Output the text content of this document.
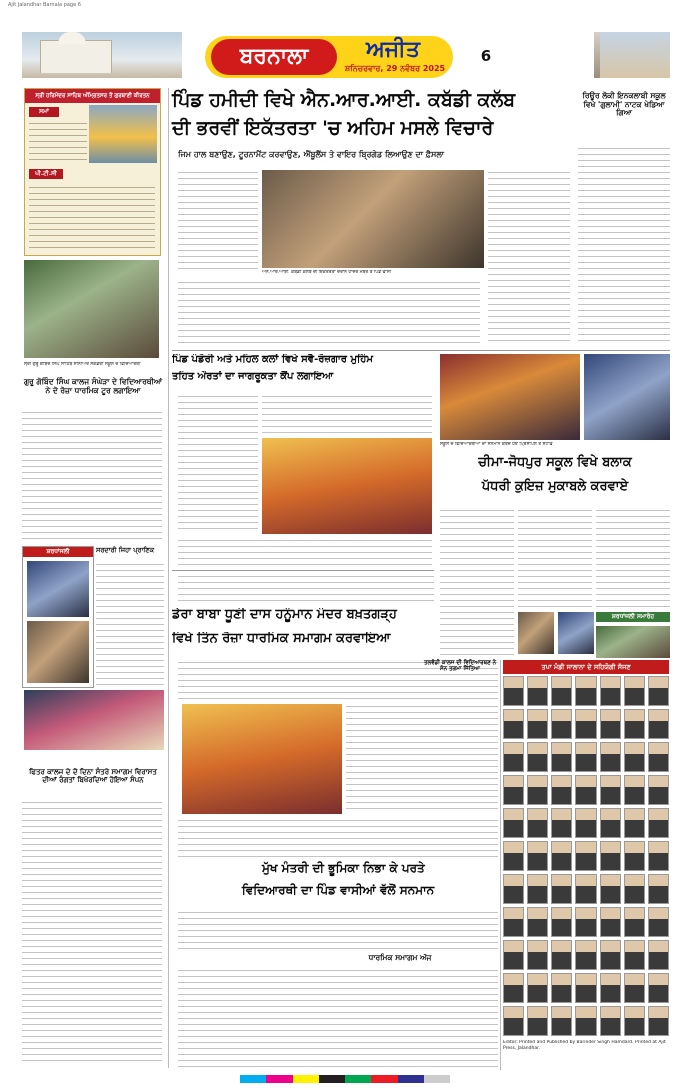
Ajit Jalandhar Barnala page 6
ਬਰਨਾਲਾ	ਅਜੀਤ
ਸ਼ਨਿਚਰਵਾਰ, 29 ਨਵੰਬਰ 2025
6
ਸ੍ਰੀ ਹਰਿਮੰਦਰ ਸਾਹਿਬ ਅੰਮ੍ਰਿਤਸਰ ਤੋਂ ਗੁਰਬਾਣੀ ਕੀਰਤਨ
ਸਮਾਂ
ਪੀ.ਟੀ.ਸੀ
ਸ੍ਰੀ ਗੁਰੂ ਗੋਬਿੰਦ ਸਿੰਘ ਸਾਹਿਬ ਸੀਨੀਅਰ ਸੈਕੰਡਰੀ ਸਕੂਲ ਦੇ ਵਿਦਿਆਰਥੀ
ਗੁਰੂ ਗੋਬਿੰਦ ਸਿੰਘ ਕਾਲਜ ਸੰਘੇੜਾ ਦੇ ਵਿਦਿਆਰਥੀਆਂ ਨੇ ਦੋ ਰੋਜ਼ਾ ਧਾਰਮਿਕ ਟੂਰ ਲਗਾਇਆ
ਸ਼ਰਧਾਂਜਲੀ	ਸਰਦਾਰੀ ਜਿਹਾ ਪ੍ਰਾਣਿਕ
ਫਿਤਰ ਕਾਲਜ ਦੇ ਦੋ ਦਿਨਾ ਸੰਤਰੇ ਸਮਾਗਮ ਵਿਰਾਸਤ ਦੀਆਂ ਰੰਗਤਾਂ ਬਿਖੇਰਦਿਆਂ ਹੋਇਆ ਸੰਪਨ
ਪਿੰਡ ਹਮੀਦੀ ਵਿਖੇ ਐਨ.ਆਰ.ਆਈ. ਕਬੱਡੀ ਕਲੱਬ
ਦੀ ਭਰਵੀਂ ਇਕੱਤਰਤਾ 'ਚ ਅਹਿਮ ਮਸਲੇ ਵਿਚਾਰੇ
ਜਿਮ ਹਾਲ ਬਣਾਉਣ, ਟੂਰਨਾਮੈਂਟ ਕਰਵਾਉਣ, ਐਂਬੂਲੈਂਸ ਤੇ ਵਾਇਰ ਬ੍ਰਿਗੇਡ ਲਿਆਉਣ ਦਾ ਫ਼ੈਸਲਾ
ਐਨ.ਆਰ.ਆਈ. ਕਬੱਡੀ ਕਲੱਬ ਦੀ ਇਕੱਤਰਤਾ ਦੌਰਾਨ ਹਾਜ਼ਰ ਮੈਂਬਰ ਤੇ ਪਿੰਡ ਵਾਸੀ
ਰਿਊਰ ਲੋਕੀ ਇਨਕਲਾਬੀ ਸਕੂਲ ਵਿਖੇ 'ਗੁਲਾਮੀ' ਨਾਟਕ ਖੇਡਿਆ ਗਿਆ
ਪਿੰਡ ਪੰਡੋਰੀ ਅਤੇ ਮਹਿਲ ਕਲਾਂ ਵਿਖੇ ਸਵੈ-ਰੋਜ਼ਗਾਰ ਮੁਹਿੰਮ
ਤਹਿਤ ਔਰਤਾਂ ਦਾ ਜਾਗਰੂਕਤਾ ਕੈਂਪ ਲਗਾਇਆ
ਸਕੂਲ ਦੇ ਵਿਦਿਆਰਥੀਆਂ ਦਾ ਸਨਮਾਨ ਕਰਦੇ ਹੋਏ ਪ੍ਰਿੰਸੀਪਲ ਤੇ ਸਟਾਫ਼
ਚੀਮਾ-ਜੋਧਪੁਰ ਸਕੂਲ ਵਿਖੇ ਬਲਾਕ
ਪੱਧਰੀ ਕੁਇਜ਼ ਮੁਕਾਬਲੇ ਕਰਵਾਏ
ਸ਼ਰਧਾਂਜਲੀ ਸਮਾਰੋਹ
ਡੇਰਾ ਬਾਬਾ ਧੂਣੀ ਦਾਸ ਹਨੂੰਮਾਨ ਮੰਦਰ ਬਖ਼ਤਗੜ੍ਹ
ਵਿਖੇ ਤਿੰਨ ਰੋਜ਼ਾ ਧਾਰਮਿਕ ਸਮਾਗਮ ਕਰਵਾਇਆ
ਤਲਵੰਡੀ ਕਾਲਜ ਦੀ ਵਿਦਿਆਰਥਣ ਨੇ ਸੋਨ ਤਗਮਾ ਜਿੱਤਿਆ
ਮੁੱਖ ਮੰਤਰੀ ਦੀ ਭੂਮਿਕਾ ਨਿਭਾ ਕੇ ਪਰਤੇ
ਵਿਦਿਆਰਥੀ ਦਾ ਪਿੰਡ ਵਾਸੀਆਂ ਵੱਲੋਂ ਸਨਮਾਨ
ਧਾਰਮਿਕ ਸਮਾਗਮ ਅੱਜ
ਤਪਾ ਮੰਡੀ ਸਾਲਾਨਾ ਦੇ ਸਹਿਯੋਗੀ ਸੱਜਣ
Editor: Printed and Published by Barinder Singh Hamdard. Printed at Ajit Press, Jalandhar.
